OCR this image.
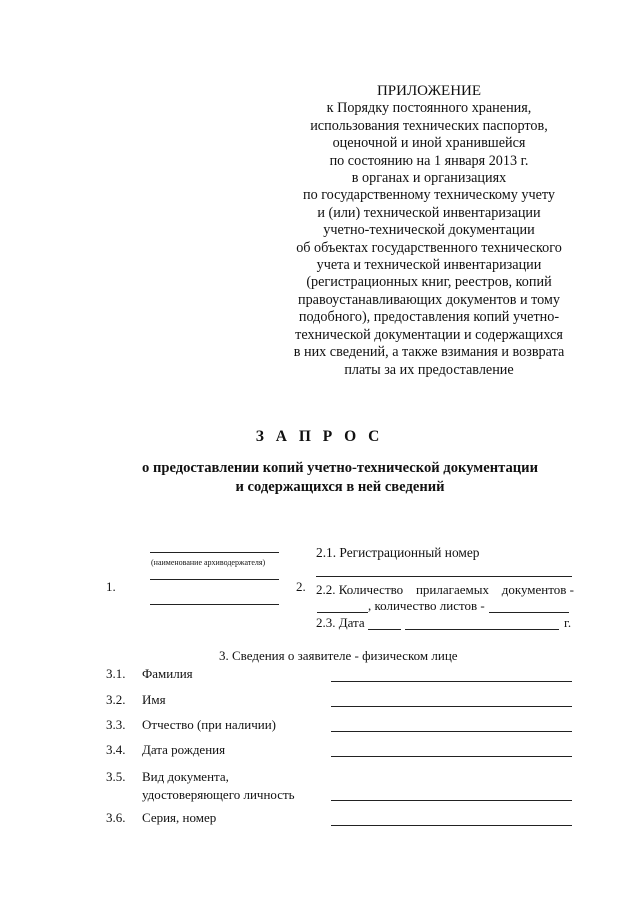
ПРИЛОЖЕНИЕ
к Порядку постоянного хранения,
использования технических паспортов,
оценочной и иной хранившейся
по состоянию на 1 января 2013 г.
в органах и организациях
по государственному техническому учету
и (или) технической инвентаризации
учетно-технической документации
об объектах государственного технического
учета и технической инвентаризации
(регистрационных книг, реестров, копий
правоустанавливающих документов и тому
подобного), предоставления копий учетно-
технической документации и содержащихся
в них сведений, а также взимания и возврата
платы за их предоставление
З А П Р О С
о предоставлении копий учетно-технической документации
и содержащихся в ней сведений
(наименование архиводержателя)
1.	2.
2.1. Регистрационный номер
2.2. Количество прилагаемых документов -
, количество листов -
2.3. Дата	г.
3. Сведения о заявителе - физическом лице
3.1. Фамилия
3.2. Имя
3.3. Отчество (при наличии)
3.4. Дата рождения
3.5. Вид документа,
удостоверяющего личность
3.6. Серия, номер
